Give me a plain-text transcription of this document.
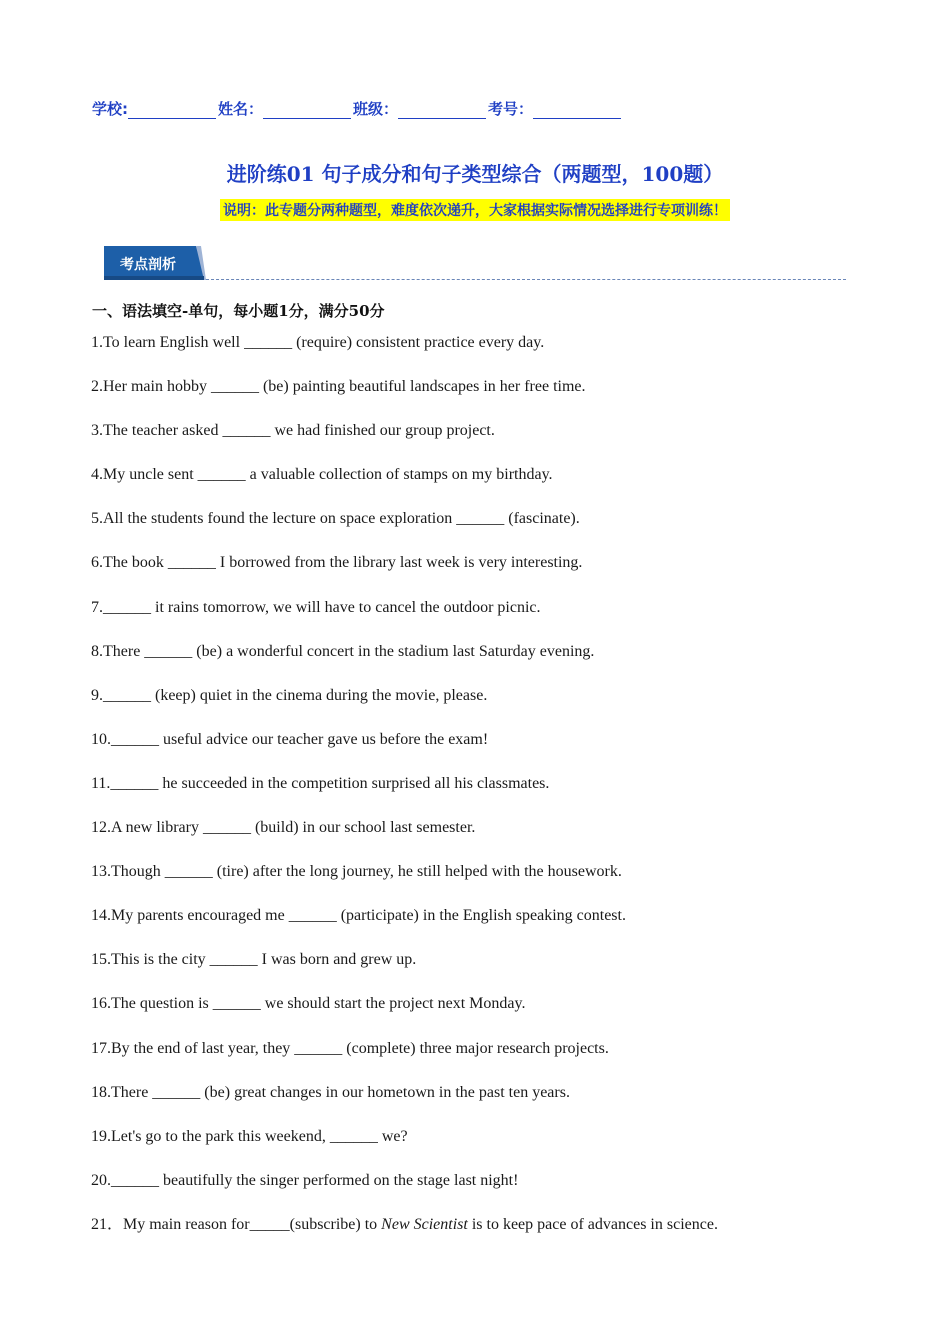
学校:	姓名：	班级：	考号：
进阶练01 句子成分和句子类型综合（两题型，100题）
说明：此专题分两种题型，难度依次递升，大家根据实际情况选择进行专项训练！
考点剖析
一、语法填空-单句，每小题1分，满分50分
1.To learn English well ______ (require) consistent practice every day.
2.Her main hobby ______ (be) painting beautiful landscapes in her free time.
3.The teacher asked ______ we had finished our group project.
4.My uncle sent ______ a valuable collection of stamps on my birthday.
5.All the students found the lecture on space exploration ______ (fascinate).
6.The book ______ I borrowed from the library last week is very interesting.
7.______ it rains tomorrow, we will have to cancel the outdoor picnic.
8.There ______ (be) a wonderful concert in the stadium last Saturday evening.
9.______ (keep) quiet in the cinema during the movie, please.
10.______ useful advice our teacher gave us before the exam!
11.______ he succeeded in the competition surprised all his classmates.
12.A new library ______ (build) in our school last semester.
13.Though ______ (tire) after the long journey, he still helped with the housework.
14.My parents encouraged me ______ (participate) in the English speaking contest.
15.This is the city ______ I was born and grew up.
16.The question is ______ we should start the project next Monday.
17.By the end of last year, they ______ (complete) three major research projects.
18.There ______ (be) great changes in our hometown in the past ten years.
19.Let's go to the park this weekend, ______ we?
20.______ beautifully the singer performed on the stage last night!
21．My main reason for_____(subscribe) to New Scientist is to keep pace of advances in science.
